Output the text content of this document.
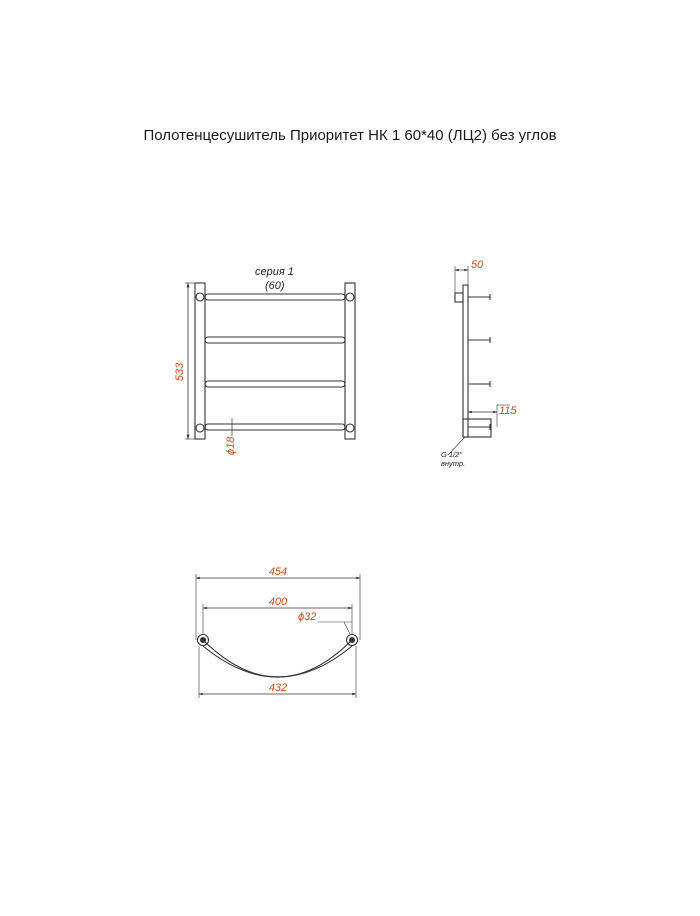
Полотенцесушитель Приоритет НК 1 60*40 (ЛЦ2) без углов
серия 1
(60)
533
ϕ18
50
115
G 1/2"
внутр.
454
400
432
ϕ32
